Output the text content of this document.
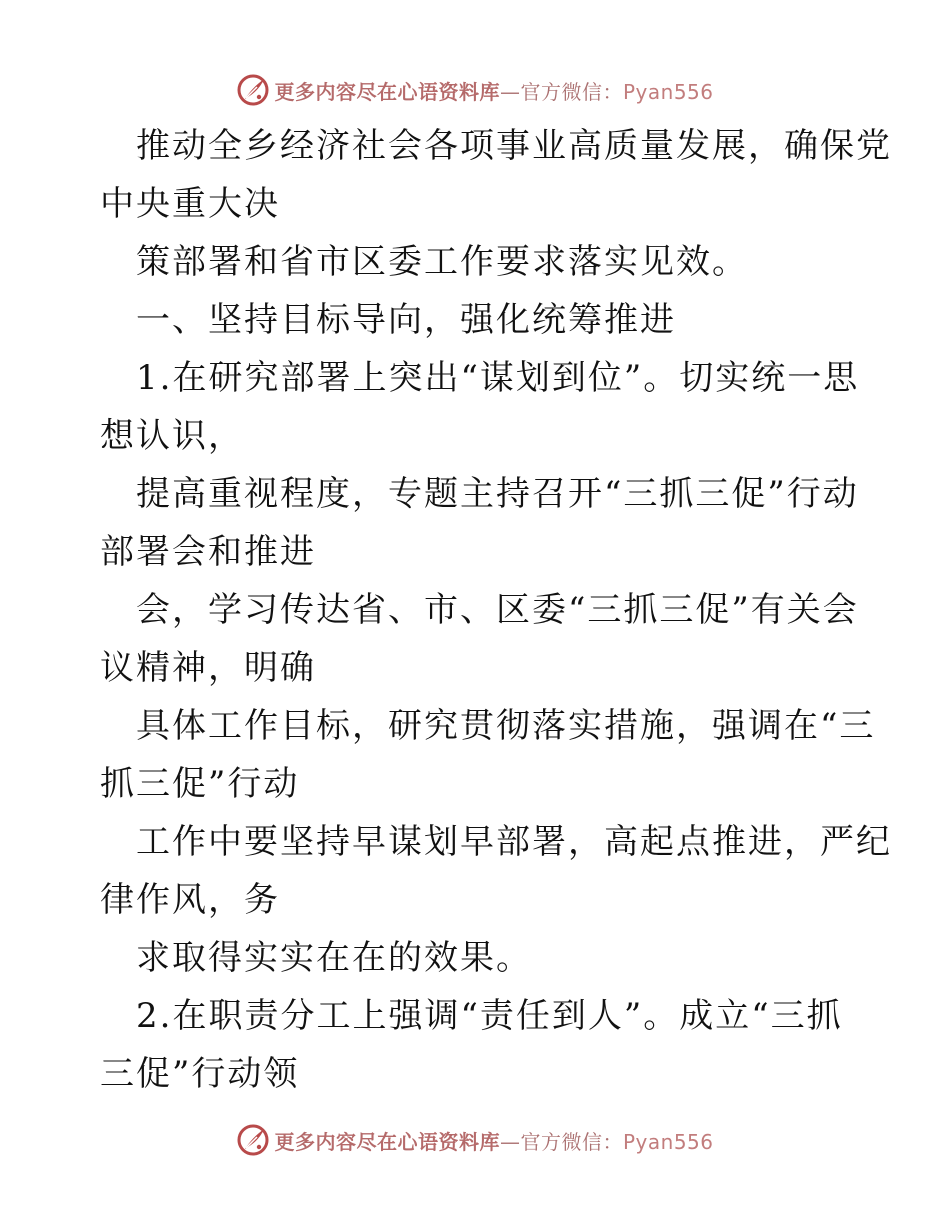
更多内容尽在心语资料库—官方微信：Pyan556
推动全乡经济社会各项事业高质量发展，确保党
中央重大决
策部署和省市区委工作要求落实见效。
一、坚持目标导向，强化统筹推进
1.在研究部署上突出“谋划到位”。切实统一思
想认识，
提高重视程度，专题主持召开“三抓三促”行动
部署会和推进
会，学习传达省、市、区委“三抓三促”有关会
议精神，明确
具体工作目标，研究贯彻落实措施，强调在“三
抓三促”行动
工作中要坚持早谋划早部署，高起点推进，严纪
律作风，务
求取得实实在在的效果。
2.在职责分工上强调“责任到人”。成立“三抓
三促”行动领
更多内容尽在心语资料库—官方微信：Pyan556
